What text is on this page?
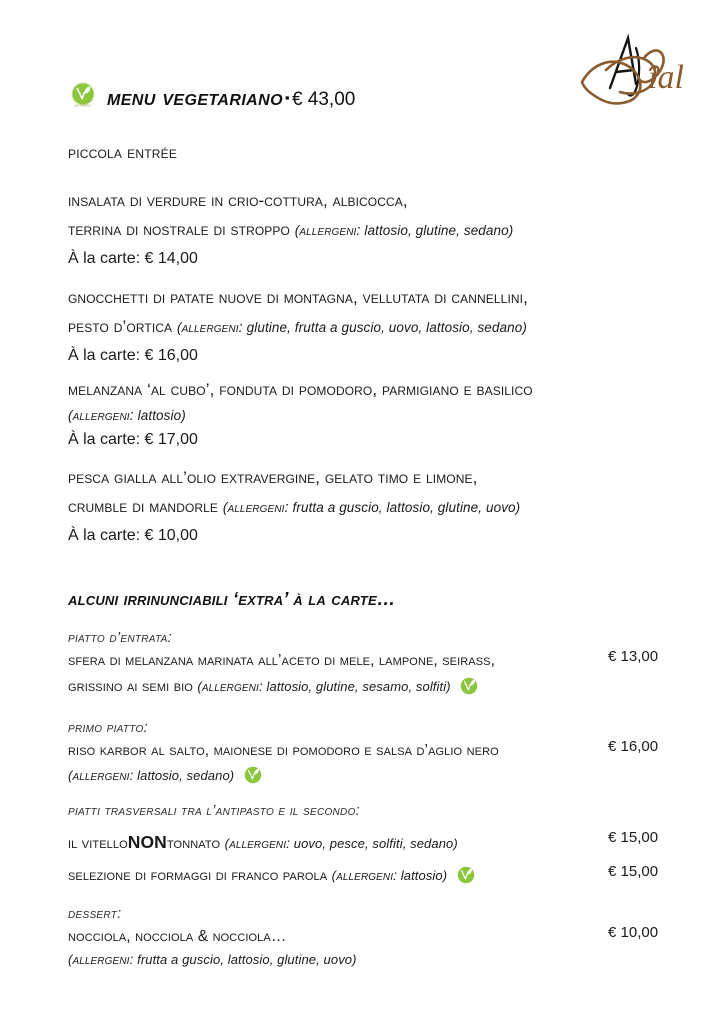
ial
VEG FRIENDLY menu vegetariano ▪ € 43,00
piccola entrée
insalata di verdure in crio-cottura, albicocca,
terrina di nostrale di stroppo (allergeni: lattosio, glutine, sedano)
À la carte: € 14,00
gnocchetti di patate nuove di montagna, vellutata di cannellini,
pesto d’ortica (allergeni: glutine, frutta a guscio, uovo, lattosio, sedano)
À la carte: € 16,00
melanzana ‘al cubo’, fonduta di pomodoro, parmigiano e basilico
(allergeni: lattosio)
À la carte: € 17,00
pesca gialla all’olio extravergine, gelato timo e limone,
crumble di mandorle (allergeni: frutta a guscio, lattosio, glutine, uovo)
À la carte: € 10,00
alcuni irrinunciabili ‘extra’ à la carte…
piatto d’entrata:
sfera di melanzana marinata all’aceto di mele, lampone, seirass,
grissino ai semi bio (allergeni: lattosio, glutine, sesamo, solfiti)
€ 13,00
primo piatto:
riso karbor al salto, maionese di pomodoro e salsa d’aglio nero
(allergeni: lattosio, sedano)
€ 16,00
piatti trasversali tra l’antipasto e il secondo:
il vitelloNONtonnato (allergeni: uovo, pesce, solfiti, sedano)	€ 15,00
selezione di formaggi di franco parola (allergeni: lattosio)	€ 15,00
dessert:
nocciola, nocciola & nocciola…
(allergeni: frutta a guscio, lattosio, glutine, uovo)
€ 10,00
